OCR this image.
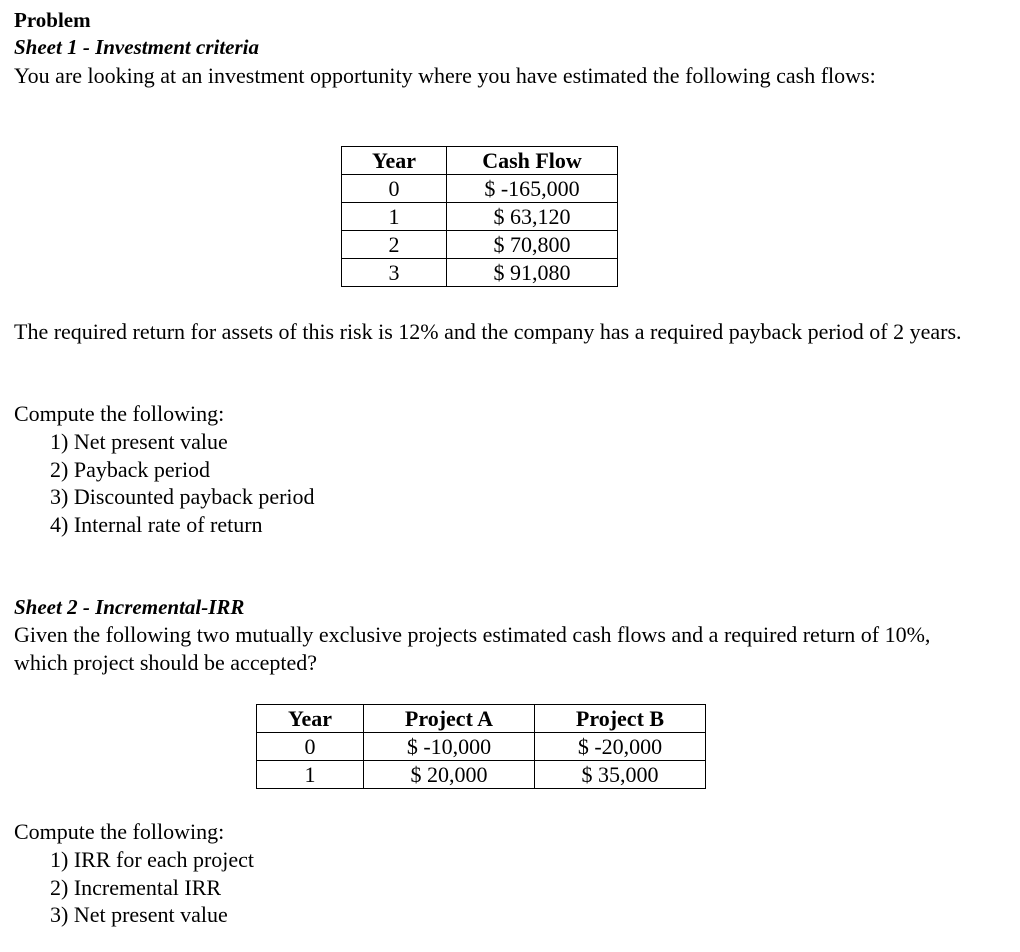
Problem

Sheet 1 - Investment criteria

You are looking at an investment opportunity where you have estimated the following cash flows:

Year	Cash Flow
0	$ -165,000
1	$ 63,120
2	$ 70,800
3	$ 91,080

The required return for assets of this risk is 12% and the company has a required payback period of 2 years.

Compute the following:

1) Net present value
2) Payback period
3) Discounted payback period
4) Internal rate of return

Sheet 2 - Incremental-IRR

Given the following two mutually exclusive projects estimated cash flows and a required return of 10%, which project should be accepted?

Year	Project A	Project B
0	$ -10,000	$ -20,000
1	$ 20,000	$ 35,000

Compute the following:

1) IRR for each project
2) Incremental IRR
3) Net present value
